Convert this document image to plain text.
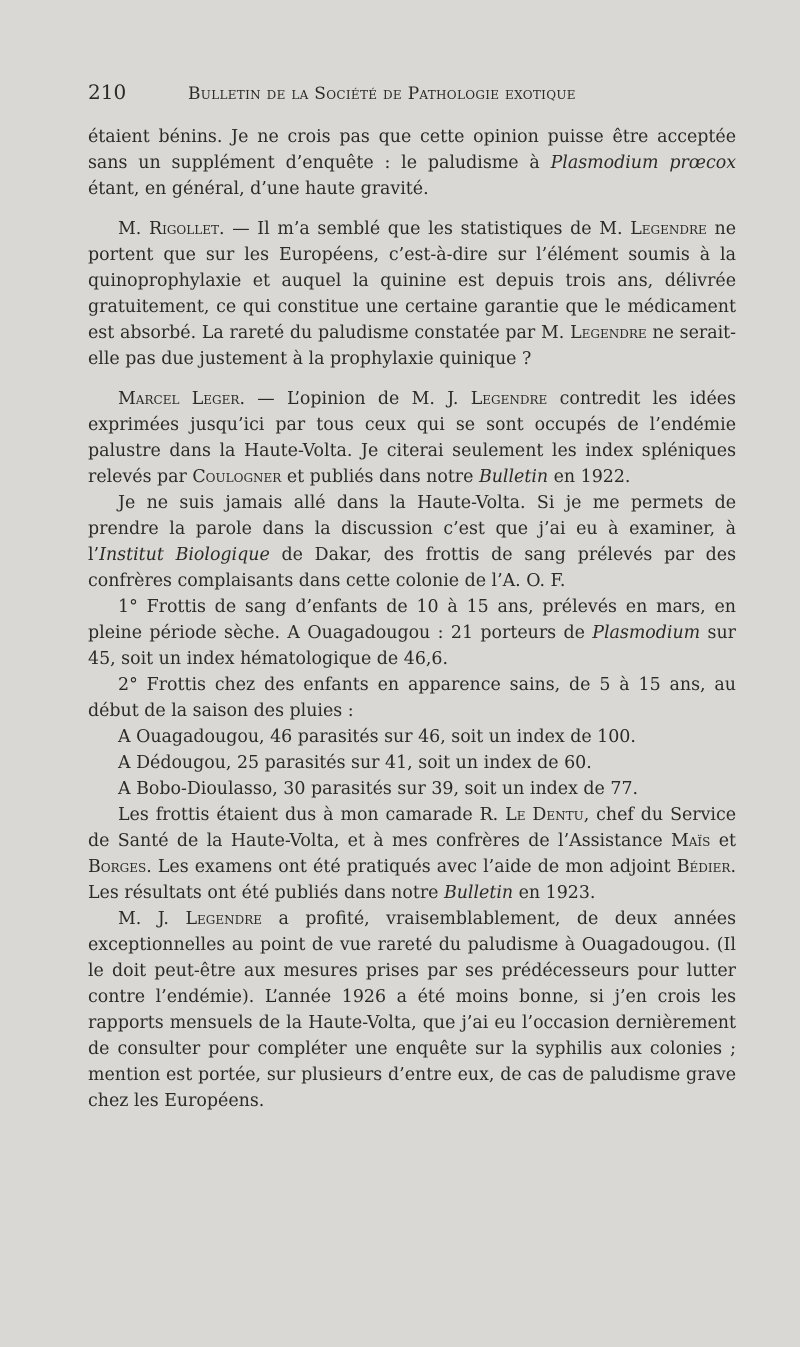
210	Bulletin de la Société de Pathologie exotique

étaient bénins. Je ne crois pas que cette opinion puisse être acceptée sans un supplément d’enquête : le paludisme à Plasmodium prœcox étant, en général, d’une haute gravité.

M. Rigollet. — Il m’a semblé que les statistiques de M. Legendre ne portent que sur les Européens, c’est-à-dire sur l’élément soumis à la quinoprophylaxie et auquel la quinine est depuis trois ans, délivrée gratuitement, ce qui constitue une certaine garantie que le médicament est absorbé. La rareté du paludisme constatée par M. Legendre ne serait-elle pas due justement à la prophylaxie quinique ?

Marcel Leger. — L’opinion de M. J. Legendre contredit les idées exprimées jusqu’ici par tous ceux qui se sont occupés de l’endémie palustre dans la Haute-Volta. Je citerai seulement les index spléniques relevés par Coulogner et publiés dans notre Bulletin en 1922.

Je ne suis jamais allé dans la Haute-Volta. Si je me permets de prendre la parole dans la discussion c’est que j’ai eu à examiner, à l’Institut Biologique de Dakar, des frottis de sang prélevés par des confrères complaisants dans cette colonie de l’A. O. F.

1° Frottis de sang d’enfants de 10 à 15 ans, prélevés en mars, en pleine période sèche. A Ouagadougou : 21 porteurs de Plasmodium sur 45, soit un index hématologique de 46,6.

2° Frottis chez des enfants en apparence sains, de 5 à 15 ans, au début de la saison des pluies :

A Ouagadougou, 46 parasités sur 46, soit un index de 100.

A Dédougou, 25 parasités sur 41, soit un index de 60.

A Bobo-Dioulasso, 30 parasités sur 39, soit un index de 77.

Les frottis étaient dus à mon camarade R. Le Dentu, chef du Service de Santé de la Haute-Volta, et à mes confrères de l’Assistance Maïs et Borges. Les examens ont été pratiqués avec l’aide de mon adjoint Bédier. Les résultats ont été publiés dans notre Bulletin en 1923.

M. J. Legendre a profité, vraisemblablement, de deux années exceptionnelles au point de vue rareté du paludisme à Ouagadougou. (Il le doit peut-être aux mesures prises par ses prédécesseurs pour lutter contre l’endémie). L’année 1926 a été moins bonne, si j’en crois les rapports mensuels de la Haute-Volta, que j’ai eu l’occasion dernièrement de consulter pour compléter une enquête sur la syphilis aux colonies ; mention est portée, sur plusieurs d’entre eux, de cas de paludisme grave chez les Européens.
